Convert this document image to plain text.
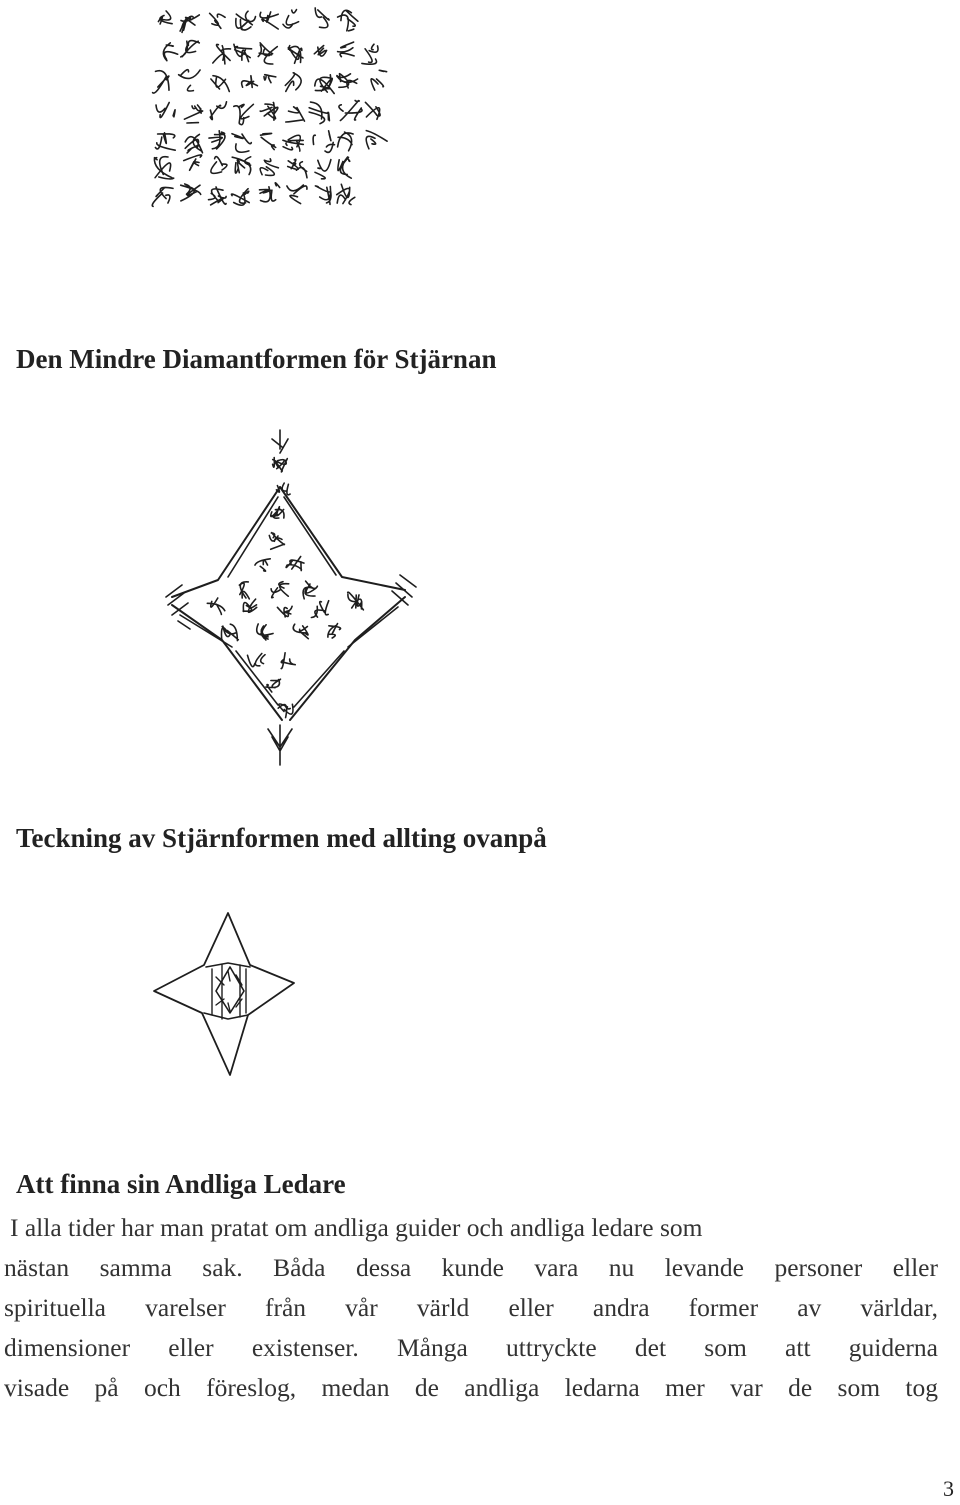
Den Mindre Diamantformen för Stjärnan
Teckning av Stjärnformen med allting ovanpå
Att finna sin Andliga Ledare
I alla tider har man pratat om andliga guider och andliga ledare som
nästan samma sak. Båda dessa kunde vara nu levande personer eller
spirituella varelser från vår värld eller andra former av världar,
dimensioner eller existenser. Många uttryckte det som att guiderna
visade på och föreslog, medan de andliga ledarna mer var de som tog
3
